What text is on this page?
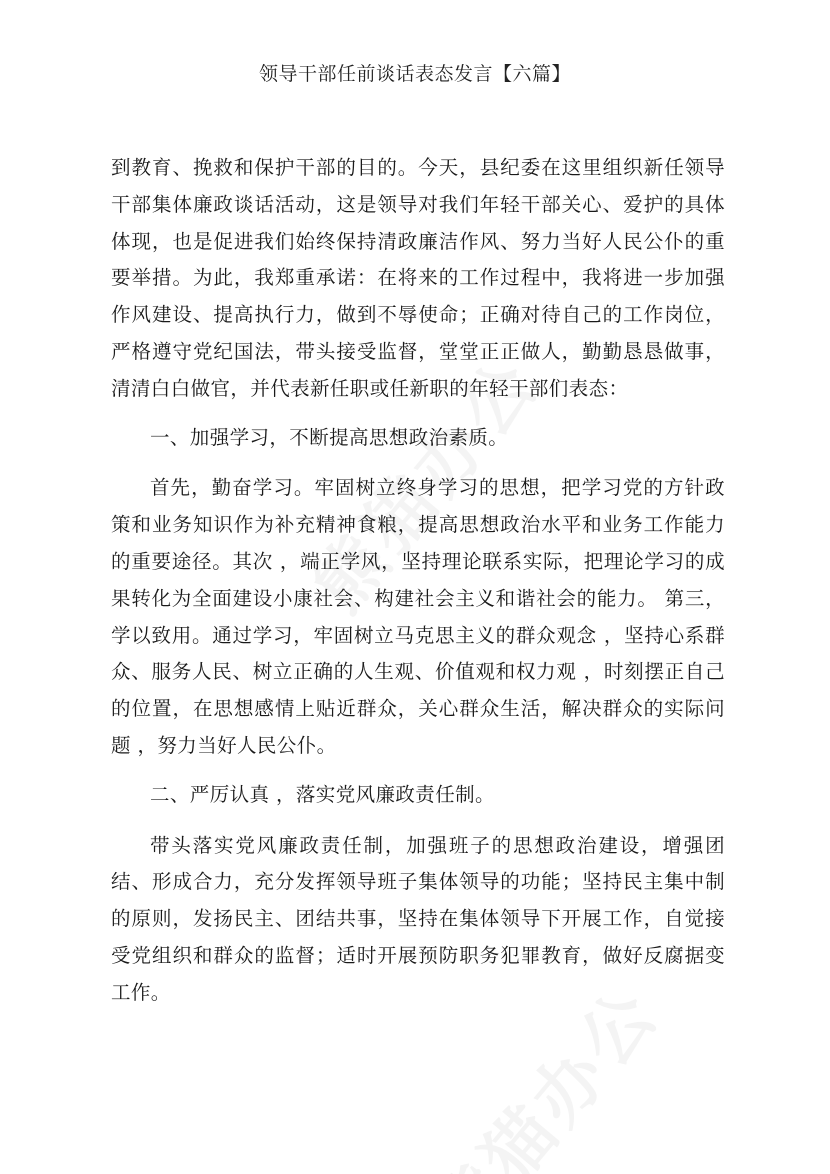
领导干部任前谈话表态发言【六篇】

到教育、挽救和保护干部的目的。今天，县纪委在这里组织新任领导干部集体廉政谈话活动，这是领导对我们年轻干部关心、爱护的具体体现，也是促进我们始终保持清政廉洁作风、努力当好人民公仆的重要举措。为此，我郑重承诺：在将来的工作过程中，我将进一步加强作风建设、提高执行力，做到不辱使命；正确对待自己的工作岗位，严格遵守党纪国法，带头接受监督，堂堂正正做人，勤勤恳恳做事，清清白白做官，并代表新任职或任新职的年轻干部们表态：

一、加强学习，不断提高思想政治素质。

首先，勤奋学习。牢固树立终身学习的思想，把学习党的方针政策和业务知识作为补充精神食粮，提高思想政治水平和业务工作能力的重要途径。其次 ，端正学风，坚持理论联系实际，把理论学习的成果转化为全面建设小康社会、构建社会主义和谐社会的能力。 第三，学以致用。通过学习，牢固树立马克思主义的群众观念 ，坚持心系群众、服务人民、树立正确的人生观、价值观和权力观 ，时刻摆正自己的位置，在思想感情上贴近群众，关心群众生活，解决群众的实际问题 ，努力当好人民公仆。

二、严厉认真 ，落实党风廉政责任制。

带头落实党风廉政责任制，加强班子的思想政治建设，增强团结、形成合力，充分发挥领导班子集体领导的功能；坚持民主集中制的原则，发扬民主、团结共事，坚持在集体领导下开展工作，自觉接受党组织和群众的监督；适时开展预防职务犯罪教育，做好反腐据变工作。
